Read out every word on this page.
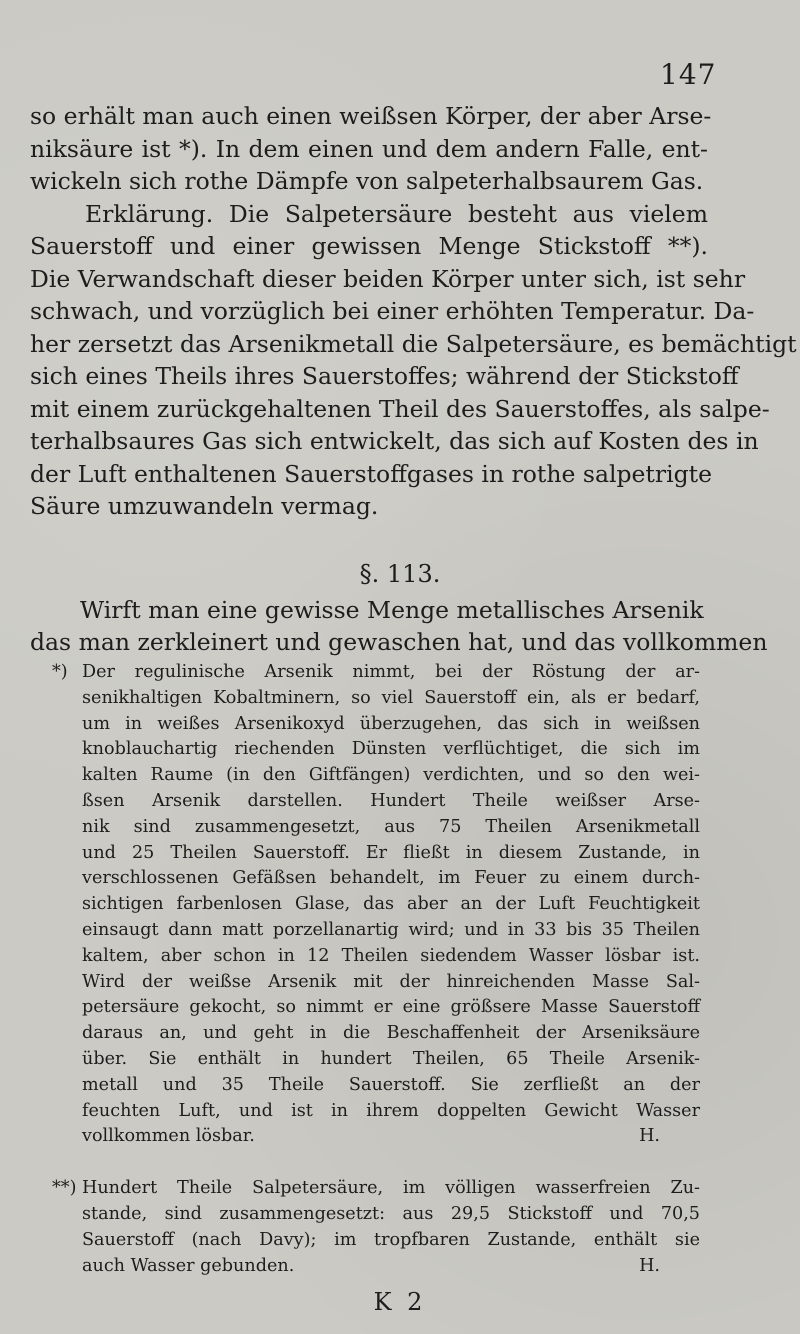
147
so erhält man auch einen weißsen Körper, der aber Arse-
niksäure ist *). In dem einen und dem andern Falle, ent-
wickeln sich rothe Dämpfe von salpeterhalbsaurem Gas.
Erklärung. Die Salpetersäure besteht aus vielem
Sauerstoff und einer gewissen Menge Stickstoff **).
Die Verwandschaft dieser beiden Körper unter sich, ist sehr
schwach, und vorzüglich bei einer erhöhten Temperatur. Da-
her zersetzt das Arsenikmetall die Salpetersäure, es bemächtigt
sich eines Theils ihres Sauerstoffes; während der Stickstoff
mit einem zurückgehaltenen Theil des Sauerstoffes, als salpe-
terhalbsaures Gas sich entwickelt, das sich auf Kosten des in
der Luft enthaltenen Sauerstoffgases in rothe salpetrigte
Säure umzuwandeln vermag.
§. 113.
Wirft man eine gewisse Menge metallisches Arsenik
das man zerkleinert und gewaschen hat, und das vollkommen
*) Der regulinische Arsenik nimmt, bei der Röstung der ar-
senikhaltigen Kobaltminern, so viel Sauerstoff ein, als er bedarf,
um in weißes Arsenikoxyd überzugehen, das sich in weißsen
knoblauchartig riechenden Dünsten verflüchtiget, die sich im
kalten Raume (in den Giftfängen) verdichten, und so den wei-
ßsen Arsenik darstellen. Hundert Theile weißser Arse-
nik sind zusammengesetzt, aus 75 Theilen Arsenikmetall
und 25 Theilen Sauerstoff. Er fließt in diesem Zustande, in
verschlossenen Gefäßsen behandelt, im Feuer zu einem durch-
sichtigen farbenlosen Glase, das aber an der Luft Feuchtigkeit
einsaugt dann matt porzellanartig wird; und in 33 bis 35 Theilen
kaltem, aber schon in 12 Theilen siedendem Wasser lösbar ist.
Wird der weißse Arsenik mit der hinreichenden Masse Sal-
petersäure gekocht, so nimmt er eine größsere Masse Sauerstoff
daraus an, und geht in die Beschaffenheit der Arseniksäure
über. Sie enthält in hundert Theilen, 65 Theile Arsenik-
metall und 35 Theile Sauerstoff. Sie zerfließt an der
feuchten Luft, und ist in ihrem doppelten Gewicht Wasser
vollkommen lösbar.	H.
**) Hundert Theile Salpetersäure, im völligen wasserfreien Zu-
stande, sind zusammengesetzt: aus 29,5 Stickstoff und 70,5
Sauerstoff (nach Davy); im tropfbaren Zustande, enthält sie
auch Wasser gebunden.	H.
K 2
